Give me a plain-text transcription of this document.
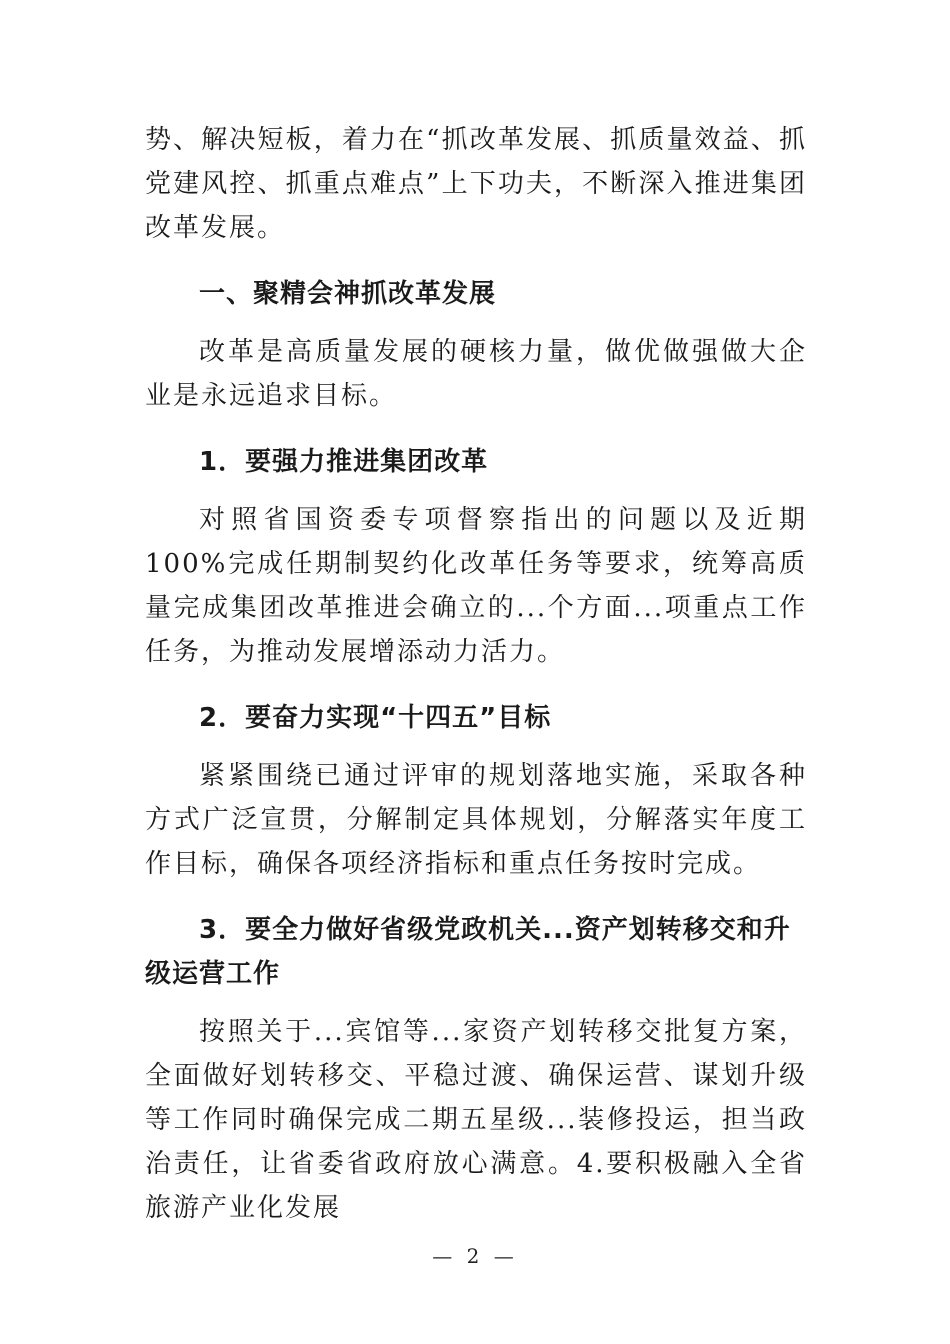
势、解决短板，着力在“抓改革发展、抓质量效益、抓党建风控、抓重点难点”上下功夫，不断深入推进集团改革发展。

一、聚精会神抓改革发展

改革是高质量发展的硬核力量，做优做强做大企业是永远追求目标。

1．要强力推进集团改革

对照省国资委专项督察指出的问题以及近期100%完成任期制契约化改革任务等要求，统筹高质量完成集团改革推进会确立的...个方面...项重点工作任务，为推动发展增添动力活力。

2．要奋力实现“十四五”目标

紧紧围绕已通过评审的规划落地实施，采取各种方式广泛宣贯，分解制定具体规划，分解落实年度工作目标，确保各项经济指标和重点任务按时完成。

3．要全力做好省级党政机关...资产划转移交和升级运营工作

按照关于...宾馆等...家资产划转移交批复方案，全面做好划转移交、平稳过渡、确保运营、谋划升级等工作同时确保完成二期五星级...装修投运，担当政治责任，让省委省政府放心满意。4.要积极融入全省旅游产业化发展

— 2 —
